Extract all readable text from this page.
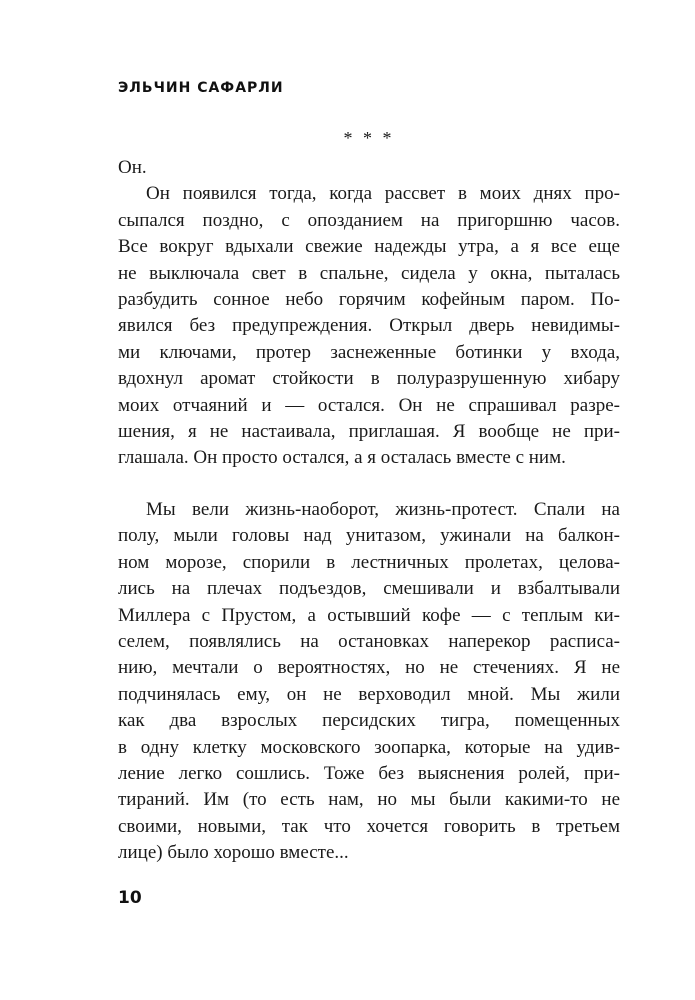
ЭЛЬЧИН САФАРЛИ
* * *
Он.
Он появился тогда, когда рассвет в моих днях про-
сыпался поздно, с опозданием на пригоршню часов.
Все вокруг вдыхали свежие надежды утра, а я все еще
не выключала свет в спальне, сидела у окна, пыталась
разбудить сонное небо горячим кофейным паром. По-
явился без предупреждения. Открыл дверь невидимы-
ми ключами, протер заснеженные ботинки у входа,
вдохнул аромат стойкости в полуразрушенную хибару
моих отчаяний и — остался. Он не спрашивал разре-
шения, я не настаивала, приглашая. Я вообще не при-
глашала. Он просто остался, а я осталась вместе с ним.
Мы вели жизнь-наоборот, жизнь-протест. Спали на
полу, мыли головы над унитазом, ужинали на балкон-
ном морозе, спорили в лестничных пролетах, целова-
лись на плечах подъездов, смешивали и взбалтывали
Миллера с Прустом, а остывший кофе — с теплым ки-
селем, появлялись на остановках наперекор расписа-
нию, мечтали о вероятностях, но не стечениях. Я не
подчинялась ему, он не верховодил мной. Мы жили
как два взрослых персидских тигра, помещенных
в одну клетку московского зоопарка, которые на удив-
ление легко сошлись. Тоже без выяснения ролей, при-
тираний. Им (то есть нам, но мы были какими-то не
своими, новыми, так что хочется говорить в третьем
лице) было хорошо вместе...
10
